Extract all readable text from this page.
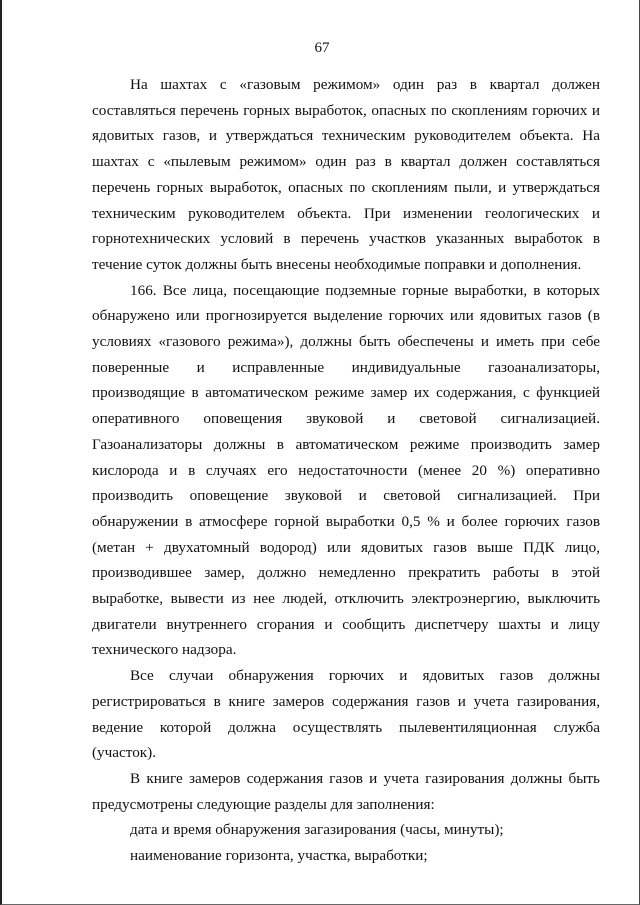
67

На шахтах с «газовым режимом» один раз в квартал должен составляться перечень горных выработок, опасных по скоплениям горючих и ядовитых газов, и утверждаться техническим руководителем объекта. На шахтах с «пылевым режимом» один раз в квартал должен составляться перечень горных выработок, опасных по скоплениям пыли, и утверждаться техническим руководителем объекта. При изменении геологических и горнотехнических условий в перечень участков указанных выработок в течение суток должны быть внесены необходимые поправки и дополнения.

166. Все лица, посещающие подземные горные выработки, в которых обнаружено или прогнозируется выделение горючих или ядовитых газов (в условиях «газового режима»), должны быть обеспечены и иметь при себе поверенные и исправленные индивидуальные газоанализаторы, производящие в автоматическом режиме замер их содержания, с функцией оперативного оповещения звуковой и световой сигнализацией. Газоанализаторы должны в автоматическом режиме производить замер кислорода и в случаях его недостаточности (менее 20 %) оперативно производить оповещение звуковой и световой сигнализацией. При обнаружении в атмосфере горной выработки 0,5 % и более горючих газов (метан + двухатомный водород) или ядовитых газов выше ПДК лицо, производившее замер, должно немедленно прекратить работы в этой выработке, вывести из нее людей, отключить электроэнергию, выключить двигатели внутреннего сгорания и сообщить диспетчеру шахты и лицу технического надзора.

Все случаи обнаружения горючих и ядовитых газов должны регистрироваться в книге замеров содержания газов и учета газирования, ведение которой должна осуществлять пылевентиляционная служба (участок).

В книге замеров содержания газов и учета газирования должны быть предусмотрены следующие разделы для заполнения:

дата и время обнаружения загазирования (часы, минуты);

наименование горизонта, участка, выработки;
